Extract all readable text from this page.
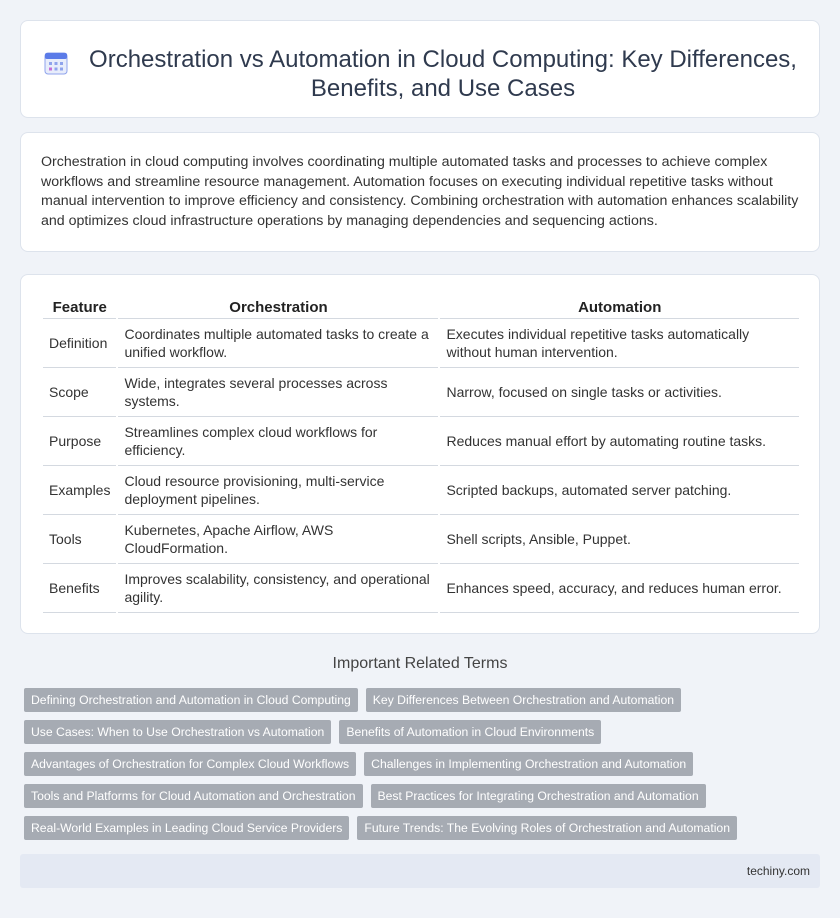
Orchestration vs Automation in Cloud Computing: Key Differences, Benefits, and Use Cases

Orchestration in cloud computing involves coordinating multiple automated tasks and processes to achieve complex workflows and streamline resource management. Automation focuses on executing individual repetitive tasks without manual intervention to improve efficiency and consistency. Combining orchestration with automation enhances scalability and optimizes cloud infrastructure operations by managing dependencies and sequencing actions.

Feature	Orchestration	Automation
Definition	Coordinates multiple automated tasks to create a unified workflow.	Executes individual repetitive tasks automatically without human intervention.
Scope	Wide, integrates several processes across systems.	Narrow, focused on single tasks or activities.
Purpose	Streamlines complex cloud workflows for efficiency.	Reduces manual effort by automating routine tasks.
Examples	Cloud resource provisioning, multi-service deployment pipelines.	Scripted backups, automated server patching.
Tools	Kubernetes, Apache Airflow, AWS CloudFormation.	Shell scripts, Ansible, Puppet.
Benefits	Improves scalability, consistency, and operational agility.	Enhances speed, accuracy, and reduces human error.
Important Related Terms
Defining Orchestration and Automation in Cloud Computing	Key Differences Between Orchestration and Automation
Use Cases: When to Use Orchestration vs Automation	Benefits of Automation in Cloud Environments
Advantages of Orchestration for Complex Cloud Workflows	Challenges in Implementing Orchestration and Automation
Tools and Platforms for Cloud Automation and Orchestration	Best Practices for Integrating Orchestration and Automation
Real-World Examples in Leading Cloud Service Providers	Future Trends: The Evolving Roles of Orchestration and Automation
techiny.com
